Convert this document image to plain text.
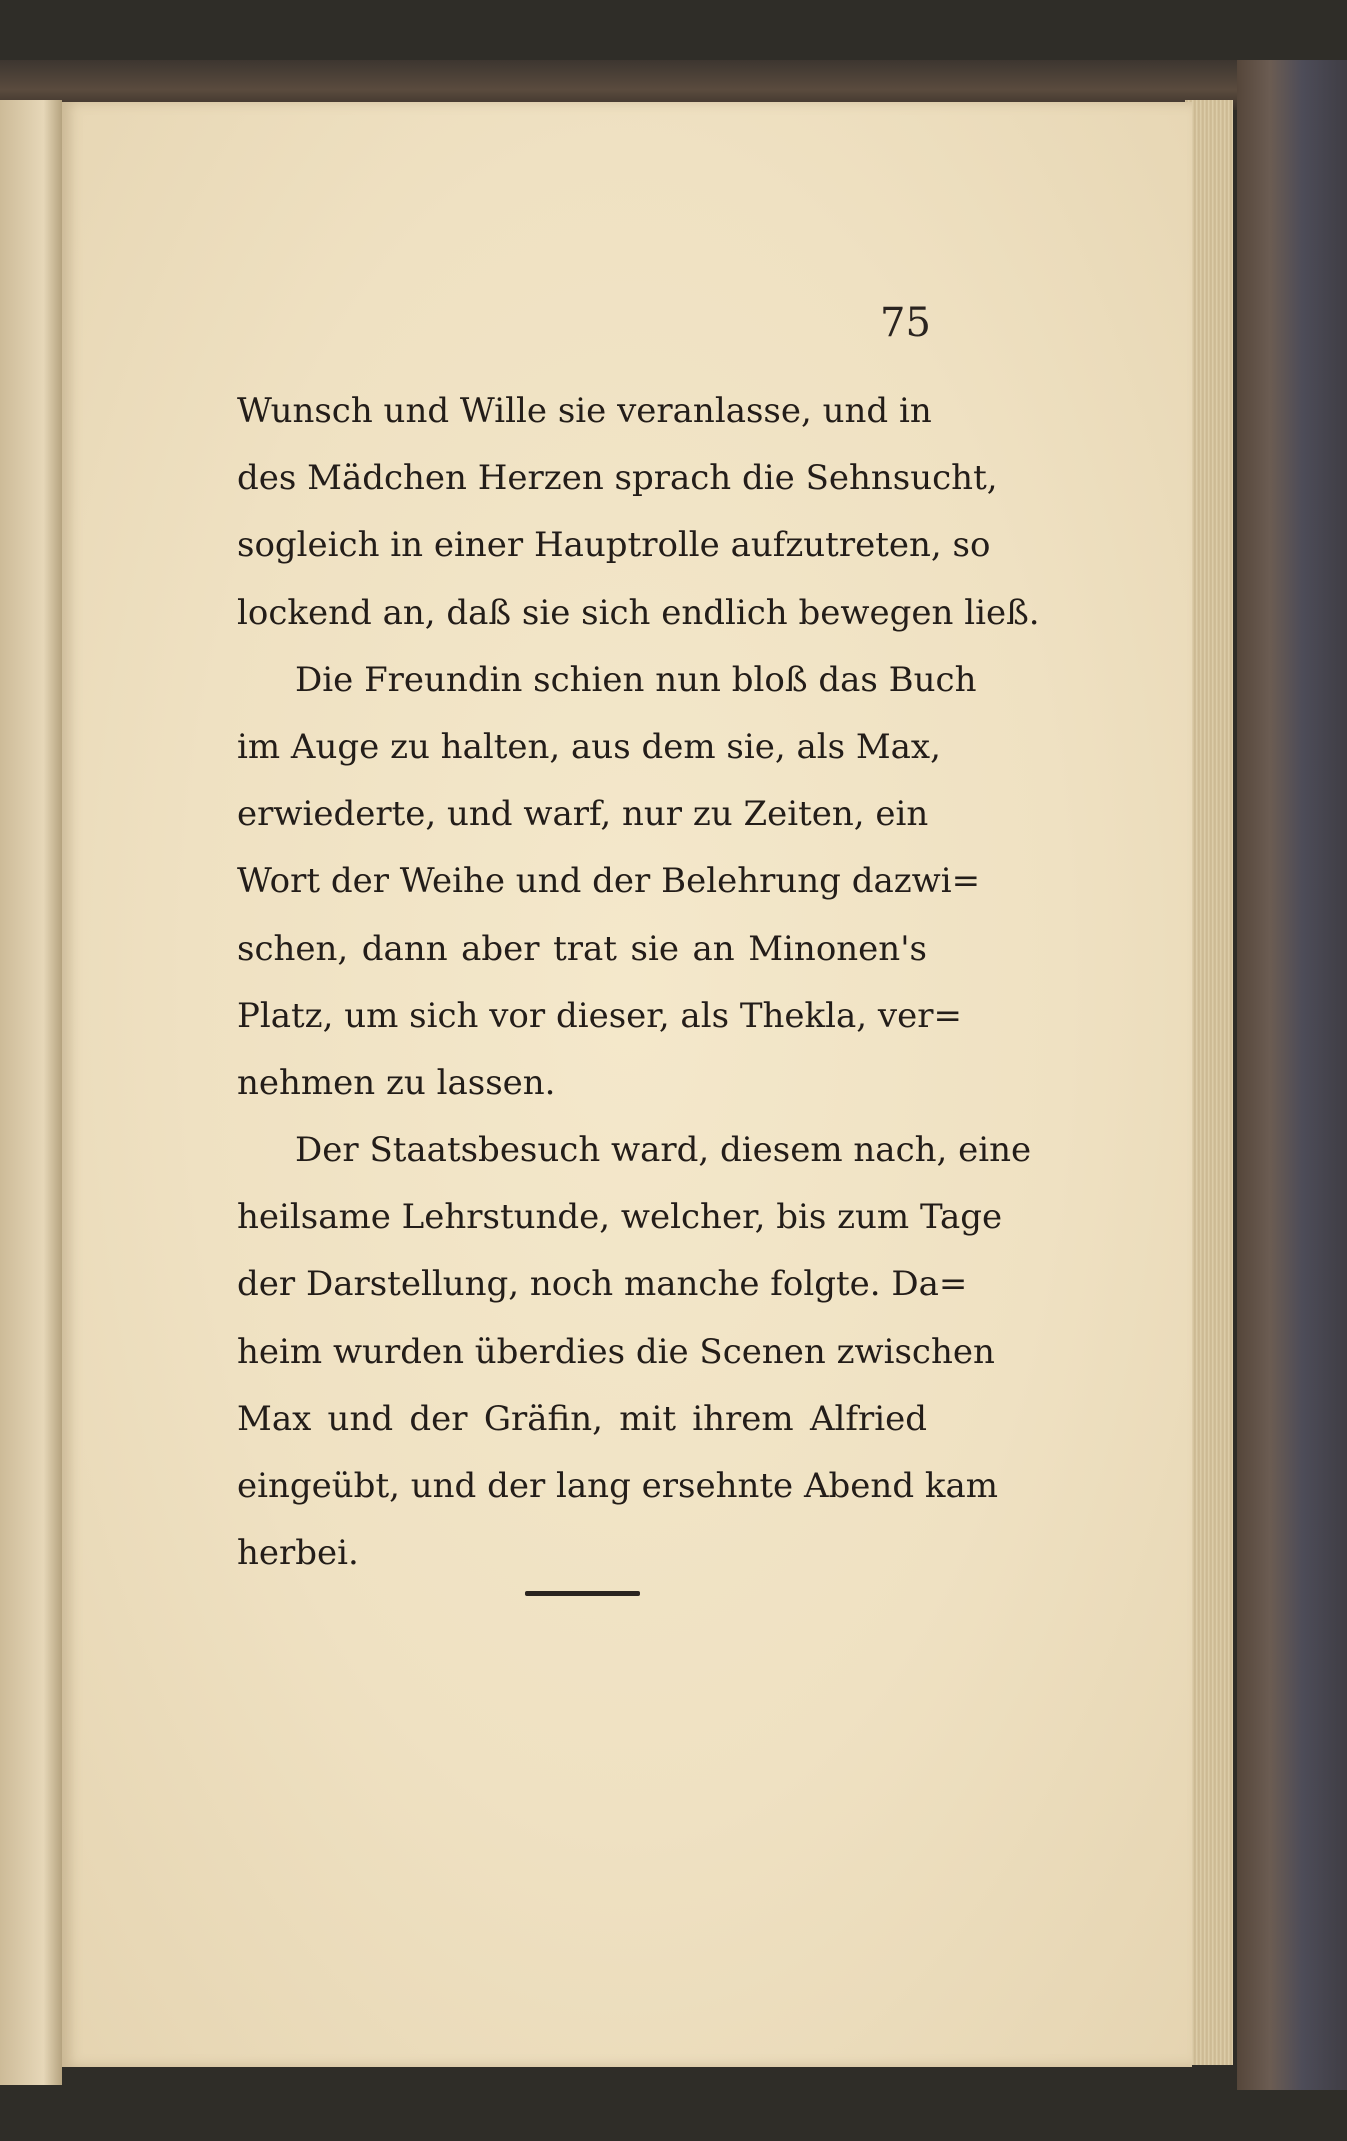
75

Wunsch und Wille sie veranlasse, und in
des Mädchen Herzen sprach die Sehnsucht,
sogleich in einer Hauptrolle aufzutreten, so
lockend an, daß sie sich endlich bewegen ließ.
Die Freundin schien nun bloß das Buch
im Auge zu halten, aus dem sie, als Max,
erwiederte, und warf, nur zu Zeiten, ein
Wort der Weihe und der Belehrung dazwi=
schen, dann aber trat sie an Minonen's
Platz, um sich vor dieser, als Thekla, ver=
nehmen zu lassen.
Der Staatsbesuch ward, diesem nach, eine
heilsame Lehrstunde, welcher, bis zum Tage
der Darstellung, noch manche folgte. Da=
heim wurden überdies die Scenen zwischen
Max und der Gräfin, mit ihrem Alfried
eingeübt, und der lang ersehnte Abend kam
herbei.
